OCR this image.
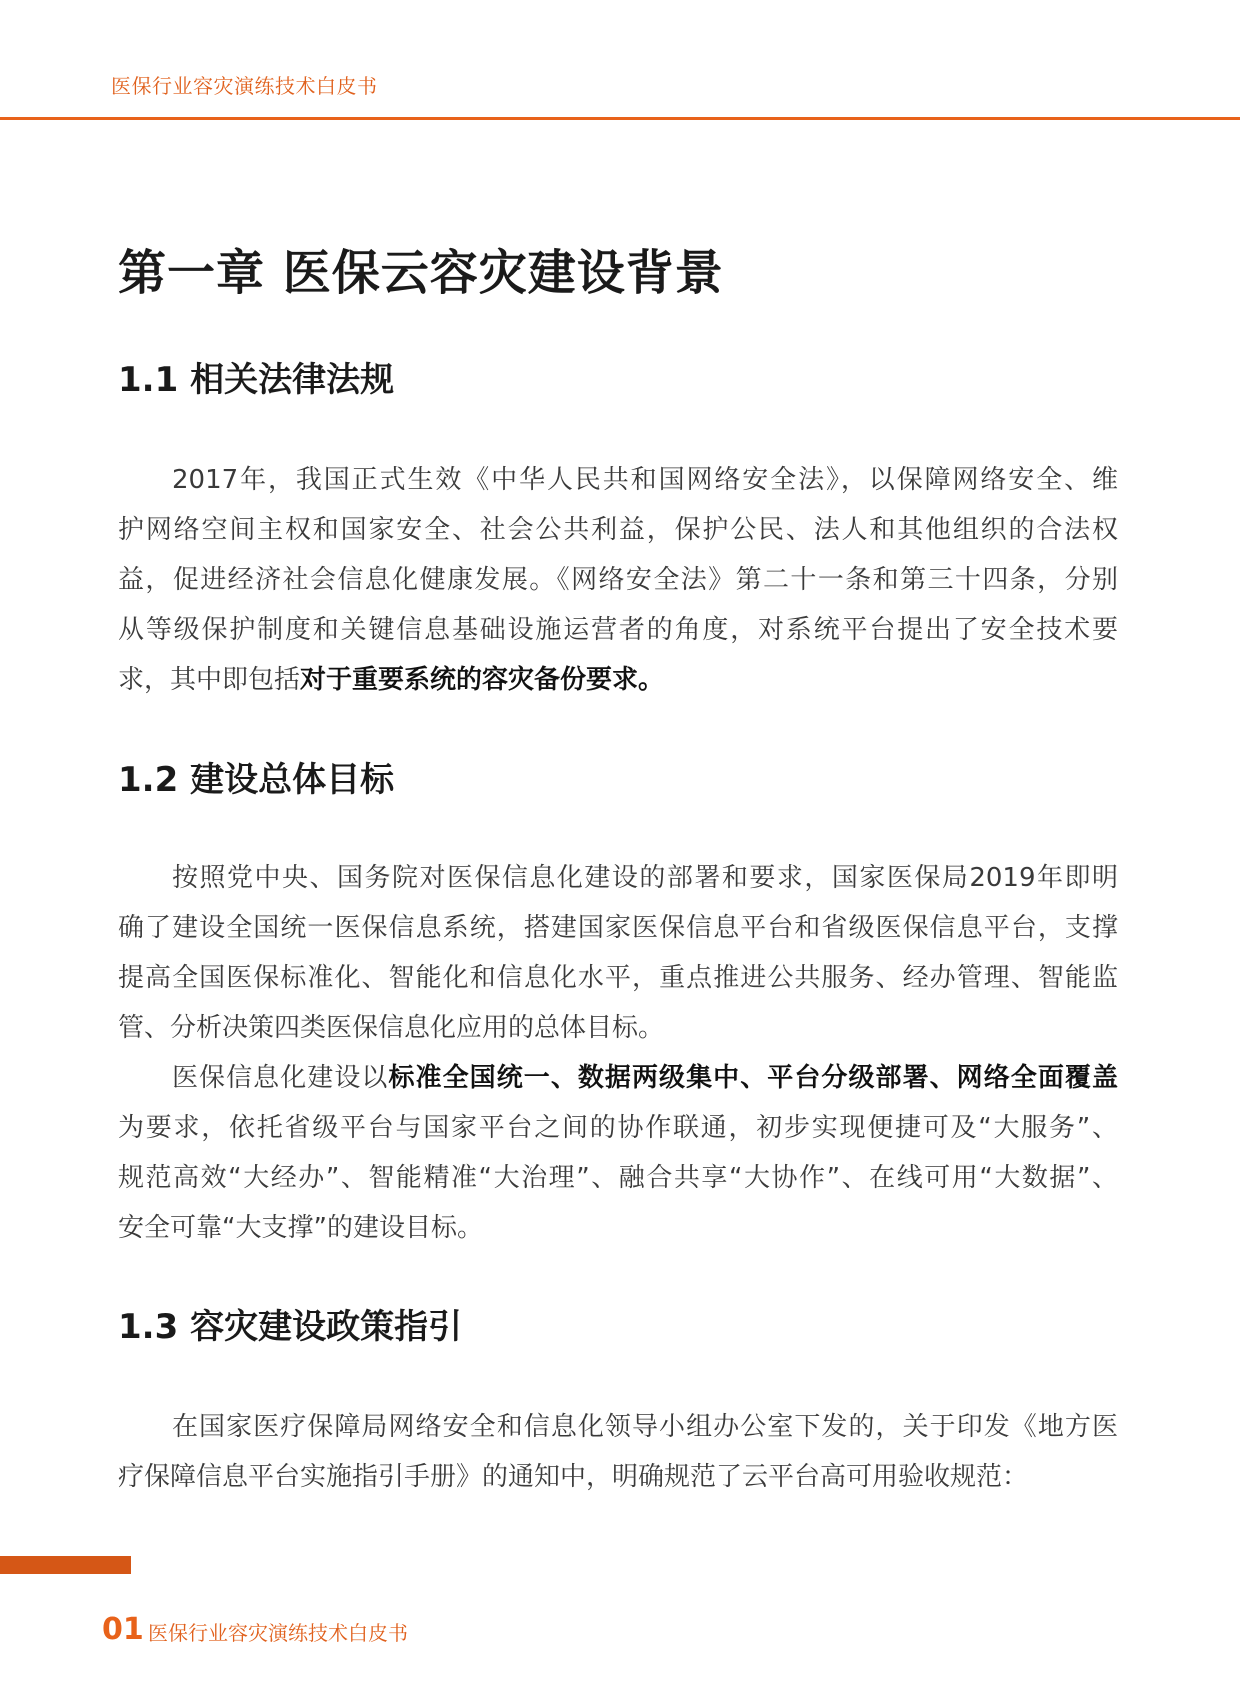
医保行业容灾演练技术白皮书
第一章 医保云容灾建设背景
1.1 相关法律法规
2017年，我国正式生效《中华人民共和国网络安全法》，以保障网络安全、维
护网络空间主权和国家安全、社会公共利益，保护公民、法人和其他组织的合法权
益，促进经济社会信息化健康发展。《网络安全法》第二十一条和第三十四条，分别
从等级保护制度和关键信息基础设施运营者的角度，对系统平台提出了安全技术要
求，其中即包括对于重要系统的容灾备份要求。
1.2 建设总体目标
按照党中央、国务院对医保信息化建设的部署和要求，国家医保局2019年即明
确了建设全国统一医保信息系统，搭建国家医保信息平台和省级医保信息平台，支撑
提高全国医保标准化、智能化和信息化水平，重点推进公共服务、经办管理、智能监
管、分析决策四类医保信息化应用的总体目标。
医保信息化建设以标准全国统一、数据两级集中、平台分级部署、网络全面覆盖
为要求，依托省级平台与国家平台之间的协作联通，初步实现便捷可及“大服务”、
规范高效“大经办”、智能精准“大治理”、融合共享“大协作”、在线可用“大数据”、
安全可靠“大支撑”的建设目标。
1.3 容灾建设政策指引
在国家医疗保障局网络安全和信息化领导小组办公室下发的，关于印发《地方医
疗保障信息平台实施指引手册》的通知中，明确规范了云平台高可用验收规范：
01 医保行业容灾演练技术白皮书
